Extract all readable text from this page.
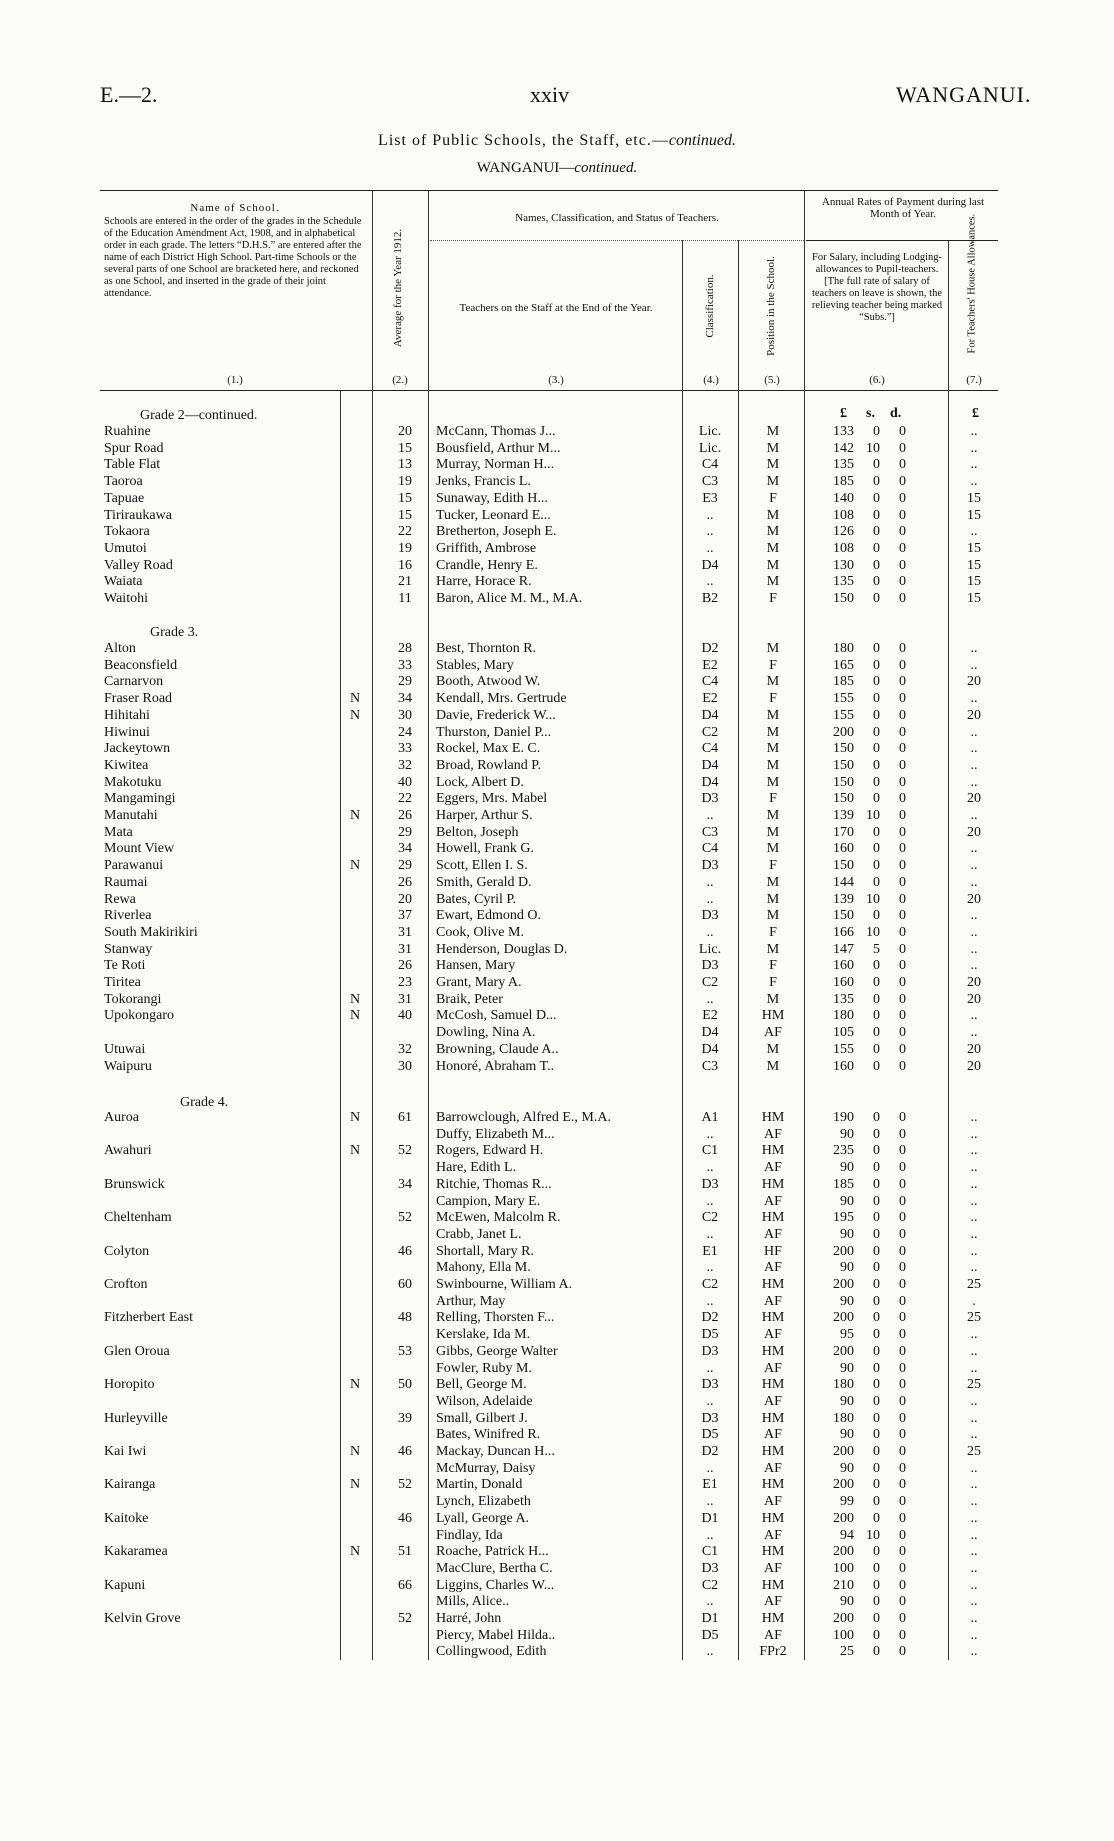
E.—2.	xxiv	WANGANUI.
List of Public Schools, the Staff, etc.—continued.
WANGANUI—continued.
Name of School.
Schools are entered in the order of the grades in the Schedule of the Education Amendment Act, 1908, and in alphabetical order in each grade. The letters “D.H.S.” are entered after the name of each District High School. Part-time Schools or the several parts of one School are bracketed here, and reckoned as one School, and inserted in the grade of their joint attendance.
(1.)
Average for the Year 1912.
(2.)
Names, Classification, and Status of Teachers.
Teachers on the Staff at the End of the Year.
(3.)
Classification.
(4.)
Position in the School.
(5.)
Annual Rates of Payment during last Month of Year.
For Salary, including Lodging-allowances to Pupil-teachers. [The full rate of salary of teachers on leave is shown, the relieving teacher being marked “Subs.”]
(6.)
For Teachers' House Allowances.
(7.)
£ s. d.	£
Grade 2—continued.
Grade 3.
Grade 4.
Ruahine	20	McCann, Thomas J...	Lic.	M	133	0	0	..
Spur Road	15	Bousfield, Arthur M...	Lic.	M	142 10	0	..
Table Flat	13	Murray, Norman H...	C4	M	135	0	0	..
Taoroa	19	Jenks, Francis L.	C3	M	185	0	0	..
Tapuae	15	Sunaway, Edith H...	E3	F	140	0	0	15
Tiriraukawa	15	Tucker, Leonard E...	..	M	108	0	0	15
Tokaora	22	Bretherton, Joseph E.	..	M	126	0	0	..
Umutoi	19	Griffith, Ambrose	..	M	108	0	0	15
Valley Road	16	Crandle, Henry E.	D4	M	130	0	0	15
Waiata	21	Harre, Horace R.	..	M	135	0	0	15
Waitohi	11	Baron, Alice M. M., M.A.	B2	F	150	0	0	15
Alton	28	Best, Thornton R.	D2	M	180	0	0	..
Beaconsfield	33	Stables, Mary	E2	F	165	0	0	..
Carnarvon	29	Booth, Atwood W.	C4	M	185	0	0	20
Fraser Road	N	34	Kendall, Mrs. Gertrude	E2	F	155	0	0	..
Hihitahi	N	30	Davie, Frederick W...	D4	M	155	0	0	20
Hiwinui	24	Thurston, Daniel P...	C2	M	200	0	0	..
Jackeytown	33	Rockel, Max E. C.	C4	M	150	0	0	..
Kiwitea	32	Broad, Rowland P.	D4	M	150	0	0	..
Makotuku	40	Lock, Albert D.	D4	M	150	0	0	..
Mangamingi	22	Eggers, Mrs. Mabel	D3	F	150	0	0	20
Manutahi	N	26	Harper, Arthur S.	..	M	139 10	0	..
Mata	29	Belton, Joseph	C3	M	170	0	0	20
Mount View	34	Howell, Frank G.	C4	M	160	0	0	..
Parawanui	N	29	Scott, Ellen I. S.	D3	F	150	0	0	..
Raumai	26	Smith, Gerald D.	..	M	144	0	0	..
Rewa	20	Bates, Cyril P.	..	M	139 10	0	20
Riverlea	37	Ewart, Edmond O.	D3	M	150	0	0	..
South Makirikiri	31	Cook, Olive M.	..	F	166 10	0	..
Stanway	31	Henderson, Douglas D.	Lic.	M	147	5	0	..
Te Roti	26	Hansen, Mary	D3	F	160	0	0	..
Tiritea	23	Grant, Mary A.	C2	F	160	0	0	20
Tokorangi	N	31	Braik, Peter	..	M	135	0	0	20
Upokongaro	N	40	McCosh, Samuel D...	E2	HM	180	0	0	..
Dowling, Nina A.	D4	AF	105	0	0	..
Utuwai	32	Browning, Claude A..	D4	M	155	0	0	20
Waipuru	30	Honoré, Abraham T..	C3	M	160	0	0	20
Auroa	N	61	Barrowclough, Alfred E., M.A.	A1	HM	190	0	0	..
Duffy, Elizabeth M...	..	AF	90	0	0	..
Awahuri	N	52	Rogers, Edward H.	C1	HM	235	0	0	..
Hare, Edith L.	..	AF	90	0	0	..
Brunswick	34	Ritchie, Thomas R...	D3	HM	185	0	0	..
Campion, Mary E.	..	AF	90	0	0	..
Cheltenham	52	McEwen, Malcolm R.	C2	HM	195	0	0	..
Crabb, Janet L.	..	AF	90	0	0	..
Colyton	46	Shortall, Mary R.	E1	HF	200	0	0	..
Mahony, Ella M.	..	AF	90	0	0	..
Crofton	60	Swinbourne, William A.	C2	HM	200	0	0	25
Arthur, May	..	AF	90	0	0	.
Fitzherbert East	48	Relling, Thorsten F...	D2	HM	200	0	0	25
Kerslake, Ida M.	D5	AF	95	0	0	..
Glen Oroua	53	Gibbs, George Walter	D3	HM	200	0	0	..
Fowler, Ruby M.	..	AF	90	0	0	..
Horopito	N	50	Bell, George M.	D3	HM	180	0	0	25
Wilson, Adelaide	..	AF	90	0	0	..
Hurleyville	39	Small, Gilbert J.	D3	HM	180	0	0	..
Bates, Winifred R.	D5	AF	90	0	0	..
Kai Iwi	N	46	Mackay, Duncan H...	D2	HM	200	0	0	25
McMurray, Daisy	..	AF	90	0	0	..
Kairanga	N	52	Martin, Donald	E1	HM	200	0	0	..
Lynch, Elizabeth	..	AF	99	0	0	..
Kaitoke	46	Lyall, George A.	D1	HM	200	0	0	..
Findlay, Ida	..	AF	94 10	0	..
Kakaramea	N	51	Roache, Patrick H...	C1	HM	200	0	0	..
MacClure, Bertha C.	D3	AF	100	0	0	..
Kapuni	66	Liggins, Charles W...	C2	HM	210	0	0	..
Mills, Alice..	..	AF	90	0	0	..
Kelvin Grove	52	Harré, John	D1	HM	200	0	0	..
Piercy, Mabel Hilda..	D5	AF	100	0	0	..
Collingwood, Edith	..	FPr2	25	0	0	..
